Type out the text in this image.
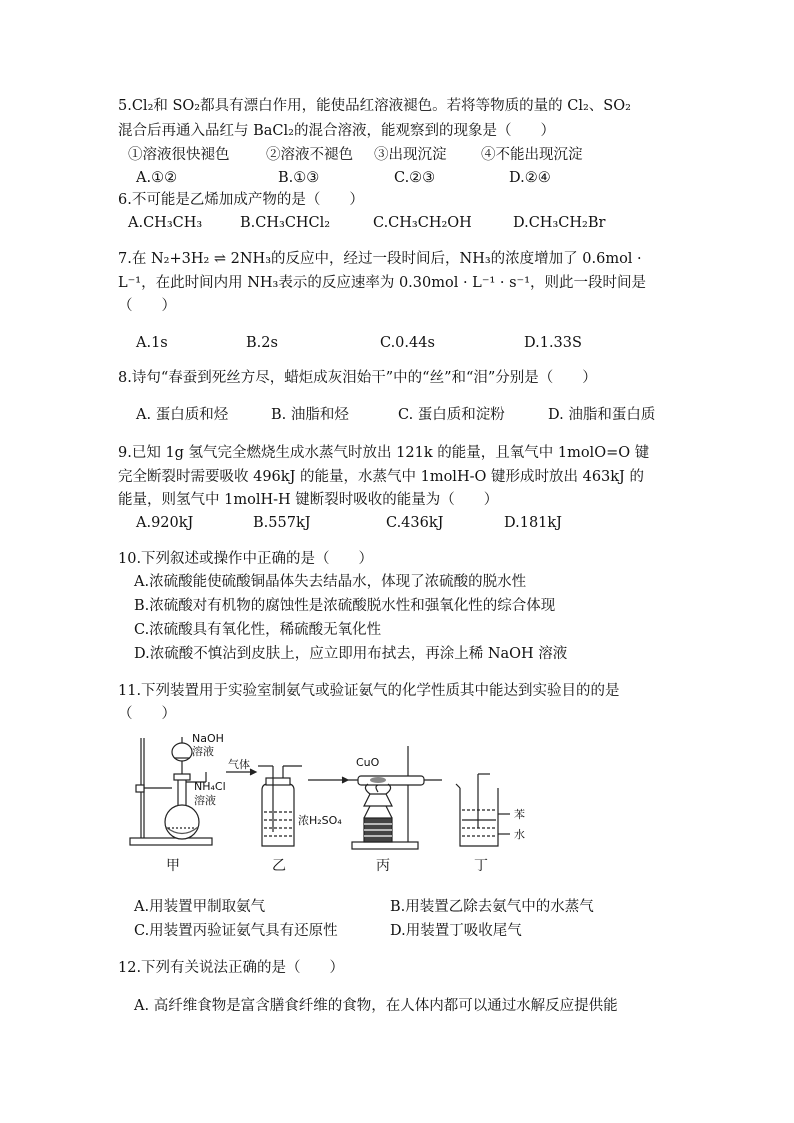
5.Cl₂和 SO₂都具有漂白作用，能使品红溶液褪色。若将等物质的量的 Cl₂、SO₂
混合后再通入品红与 BaCl₂的混合溶液，能观察到的现象是（　　）
①溶液很快褪色	②溶液不褪色 ③出现沉淀 ④不能出现沉淀
A.①②	B.①③	C.②③	D.②④
6.不可能是乙烯加成产物的是（　　）
A.CH₃CH₃	B.CH₃CHCl₂	C.CH₃CH₂OH	D.CH₃CH₂Br
7.在 N₂+3H₂ ⇌ 2NH₃的反应中，经过一段时间后，NH₃的浓度增加了 0.6mol ·
L⁻¹，在此时间内用 NH₃表示的反应速率为 0.30mol · L⁻¹ · s⁻¹，则此一段时间是
（　　）
A.1s	B.2s	C.0.44s	D.1.33S
8.诗句“春蚕到死丝方尽，蜡炬成灰泪始干”中的“丝”和“泪”分别是（　　）
A. 蛋白质和烃	B. 油脂和烃	C. 蛋白质和淀粉	D. 油脂和蛋白质
9.已知 1g 氢气完全燃烧生成水蒸气时放出 121k 的能量，且氧气中 1molO=O 键
完全断裂时需要吸收 496kJ 的能量，水蒸气中 1molH-O 键形成时放出 463kJ 的
能量，则氢气中 1molH-H 键断裂时吸收的能量为（　　）
A.920kJ	B.557kJ	C.436kJ	D.181kJ
10.下列叙述或操作中正确的是（　　）
A.浓硫酸能使硫酸铜晶体失去结晶水，体现了浓硫酸的脱水性
B.浓硫酸对有机物的腐蚀性是浓硫酸脱水性和强氧化性的综合体现
C.浓硫酸具有氧化性，稀硫酸无氧化性
D.浓硫酸不慎沾到皮肤上，应立即用布拭去，再涂上稀 NaOH 溶液
11.下列装置用于实验室制氨气或验证氨气的化学性质其中能达到实验目的的是
（　　）
NaOH
溶液
NH₄Cl
溶液
气体
浓H₂SO₄
CuO
苯
水
甲	乙	丙	丁
A.用装置甲制取氨气	B.用装置乙除去氨气中的水蒸气
C.用装置丙验证氨气具有还原性	D.用装置丁吸收尾气
12.下列有关说法正确的是（　　）
A. 高纤维食物是富含膳食纤维的食物，在人体内都可以通过水解反应提供能
